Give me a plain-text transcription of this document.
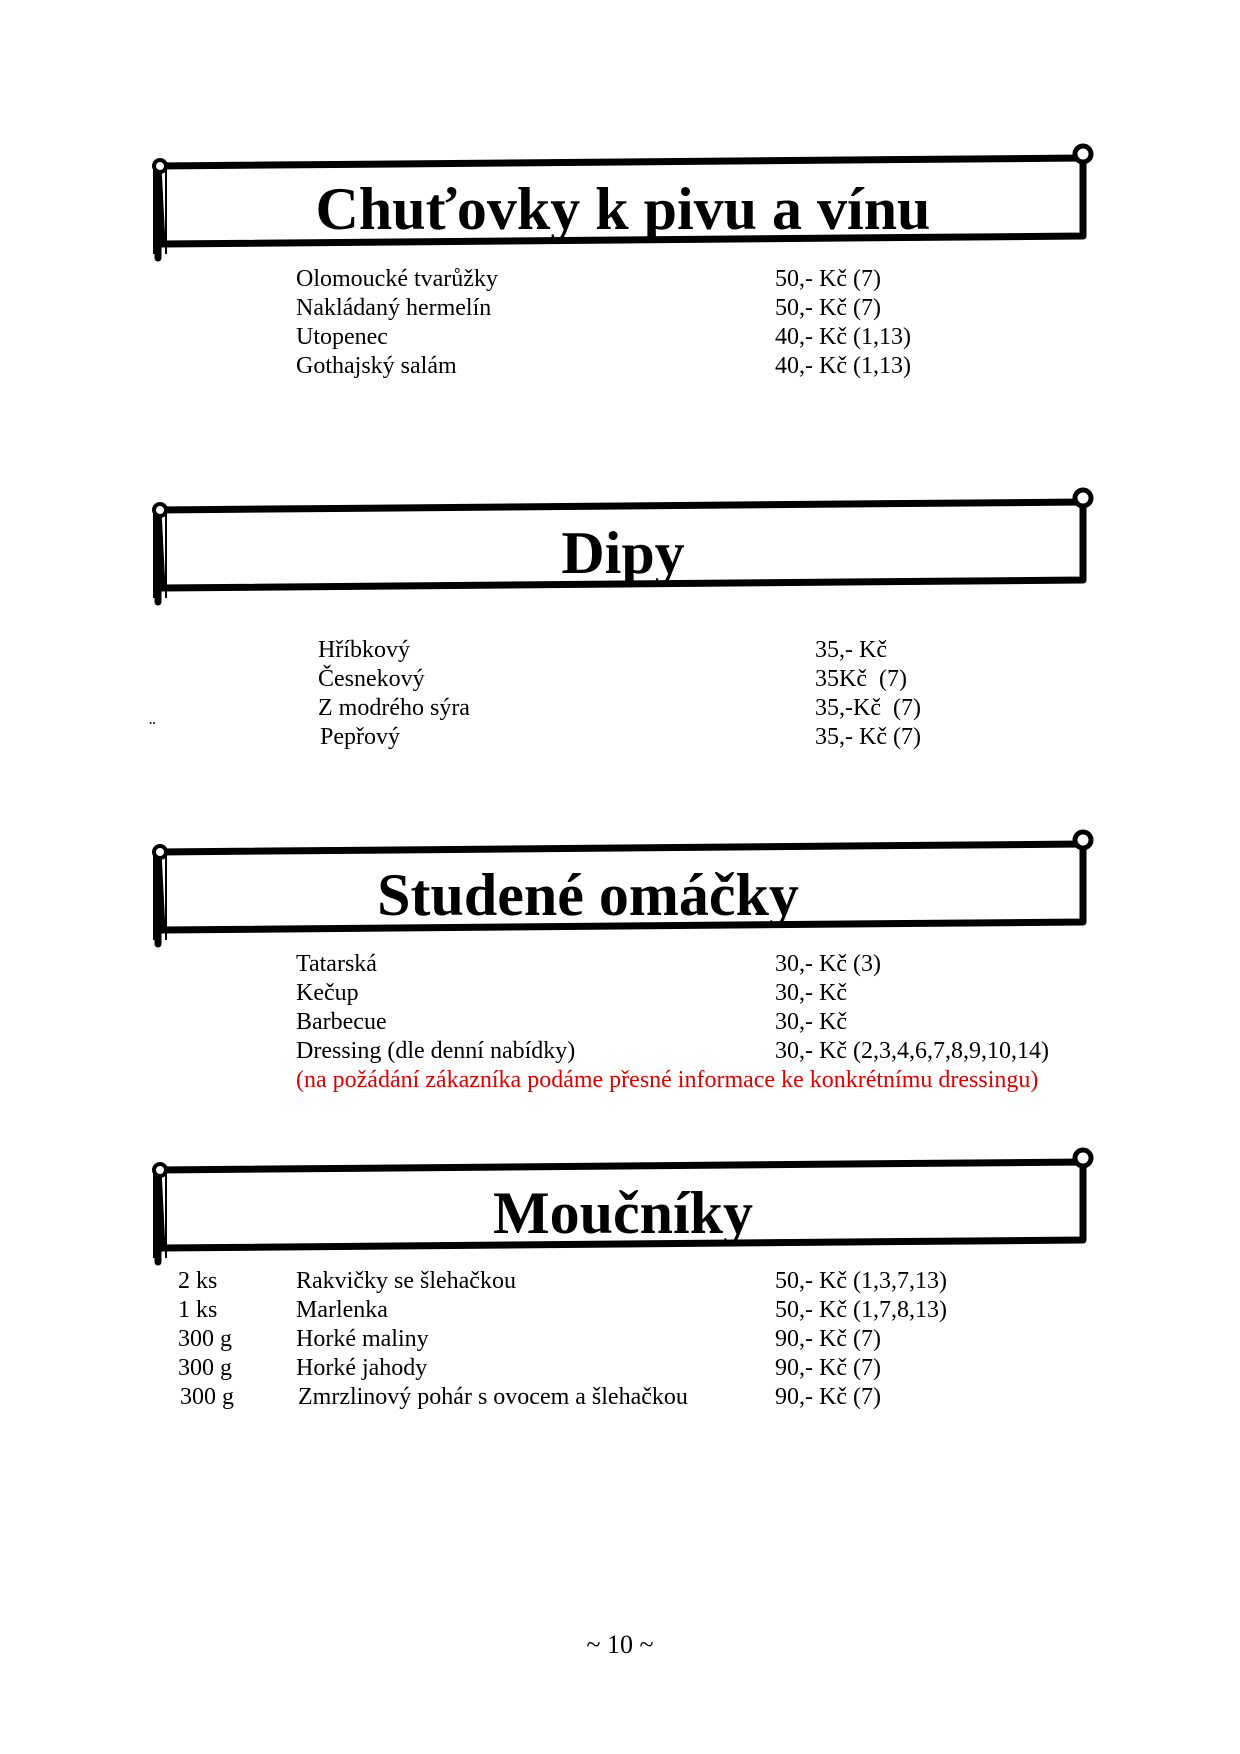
Chuťovky k pivu a vínu
Olomoucké tvarůžky	50,- Kč (7)
Nakládaný hermelín	50,- Kč (7)
Utopenec	40,- Kč (1,13)
Gothajský salám	40,- Kč (1,13)
Dipy
Hříbkový	35,- Kč
Česnekový	35Kč  (7)
Z modrého sýra	35,-Kč  (7)
Pepřový	35,- Kč (7)
¨
Studené omáčky
Tatarská	30,- Kč (3)
Kečup	30,- Kč
Barbecue	30,- Kč
Dressing (dle denní nabídky)	30,- Kč (2,3,4,6,7,8,9,10,14)
(na požádání zákazníka podáme přesné informace ke konkrétnímu dressingu)
Moučníky
2 ks	Rakvičky se šlehačkou	50,- Kč (1,3,7,13)
1 ks	Marlenka	50,- Kč (1,7,8,13)
300 g	Horké maliny	90,- Kč (7)
300 g	Horké jahody	90,- Kč (7)
300 g	Zmrzlinový pohár s ovocem a šlehačkou	90,- Kč (7)
~ 10 ~
